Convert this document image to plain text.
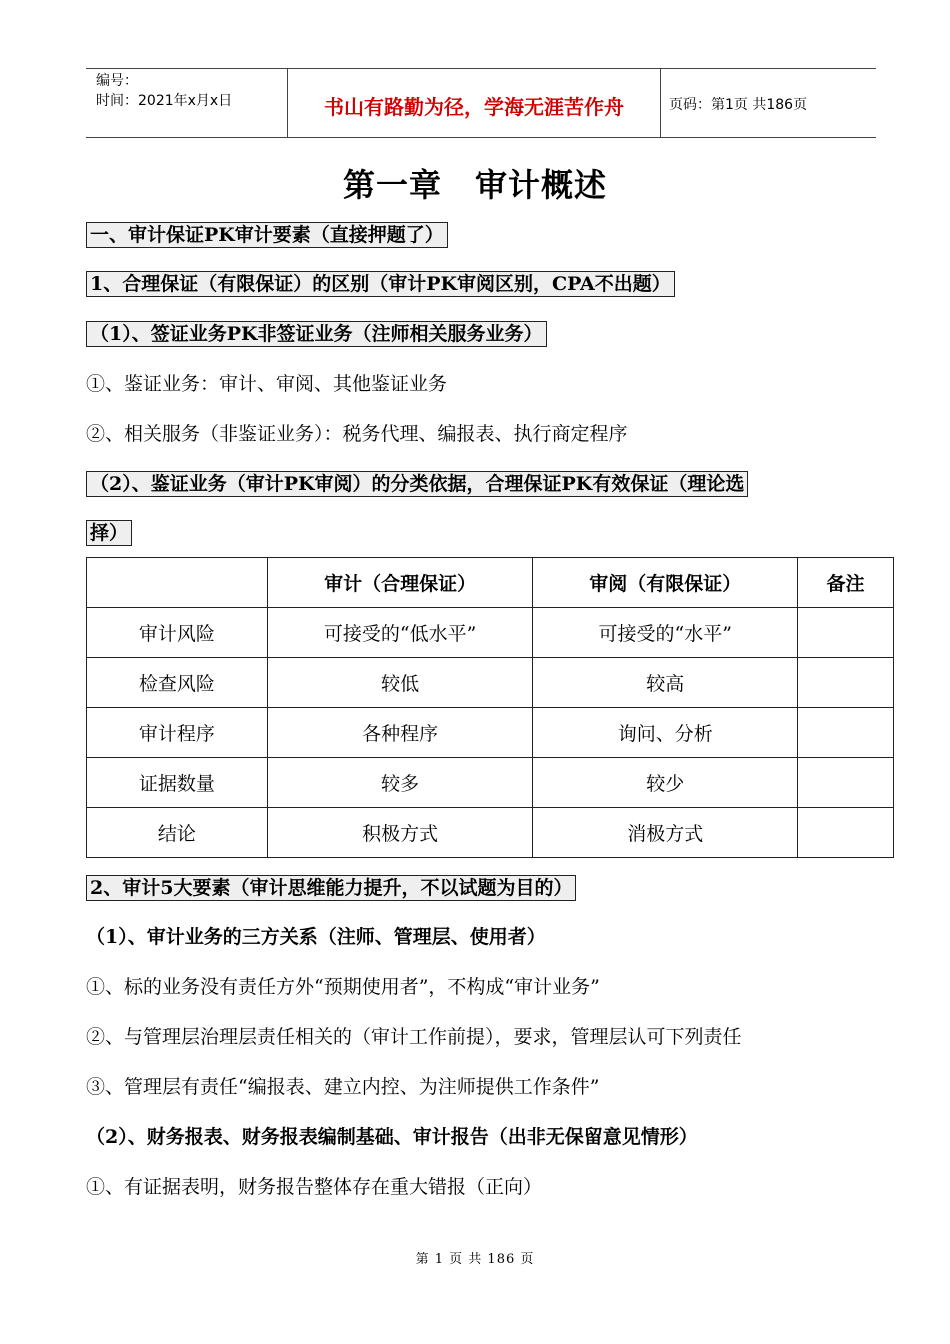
编号：
时间：2021年x月x日	书山有路勤为径，学海无涯苦作舟	页码：第1页 共186页
第一章　审计概述
一、审计保证PK审计要素（直接押题了）
1、合理保证（有限保证）的区别（审计PK审阅区别，CPA不出题）
（1）、签证业务PK非签证业务（注师相关服务业务）
①、鉴证业务：审计、审阅、其他鉴证业务
②、相关服务（非鉴证业务）：税务代理、编报表、执行商定程序
（2）、鉴证业务（审计PK审阅）的分类依据，合理保证PK有效保证（理论选
择）
	审计（合理保证）	审阅（有限保证）	备注
审计风险	可接受的“低水平”	可接受的“水平”	
检查风险	较低	较高	
审计程序	各种程序	询问、分析	
证据数量	较多	较少	
结论	积极方式	消极方式	
2、审计5大要素（审计思维能力提升，不以试题为目的）
（1）、审计业务的三方关系（注师、管理层、使用者）
①、标的业务没有责任方外“预期使用者”，不构成“审计业务”
②、与管理层治理层责任相关的（审计工作前提），要求，管理层认可下列责任
③、管理层有责任“编报表、建立内控、为注师提供工作条件”
（2）、财务报表、财务报表编制基础、审计报告（出非无保留意见情形）
①、有证据表明，财务报告整体存在重大错报（正向）
第 1 页 共 186 页
